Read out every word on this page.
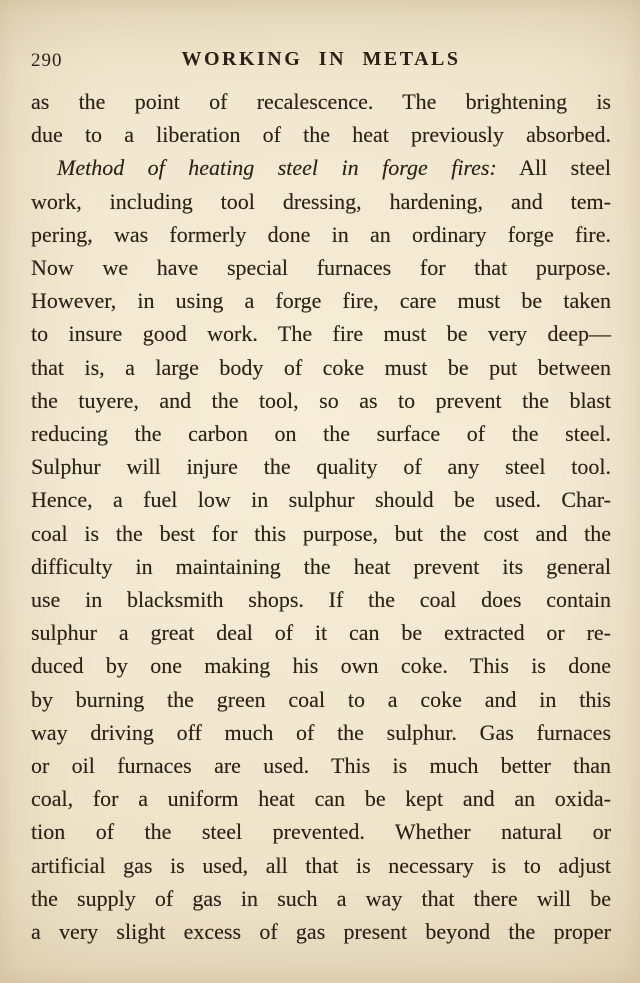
290	WORKING IN METALS
as the point of recalescence. The brightening is
due to a liberation of the heat previously absorbed.
Method of heating steel in forge fires: All steel
work, including tool dressing, hardening, and tem-
pering, was formerly done in an ordinary forge fire.
Now we have special furnaces for that purpose.
However, in using a forge fire, care must be taken
to insure good work. The fire must be very deep—
that is, a large body of coke must be put between
the tuyere, and the tool, so as to prevent the blast
reducing the carbon on the surface of the steel.
Sulphur will injure the quality of any steel tool.
Hence, a fuel low in sulphur should be used. Char-
coal is the best for this purpose, but the cost and the
difficulty in maintaining the heat prevent its general
use in blacksmith shops. If the coal does contain
sulphur a great deal of it can be extracted or re-
duced by one making his own coke. This is done
by burning the green coal to a coke and in this
way driving off much of the sulphur. Gas furnaces
or oil furnaces are used. This is much better than
coal, for a uniform heat can be kept and an oxida-
tion of the steel prevented. Whether natural or
artificial gas is used, all that is necessary is to adjust
the supply of gas in such a way that there will be
a very slight excess of gas present beyond the proper
